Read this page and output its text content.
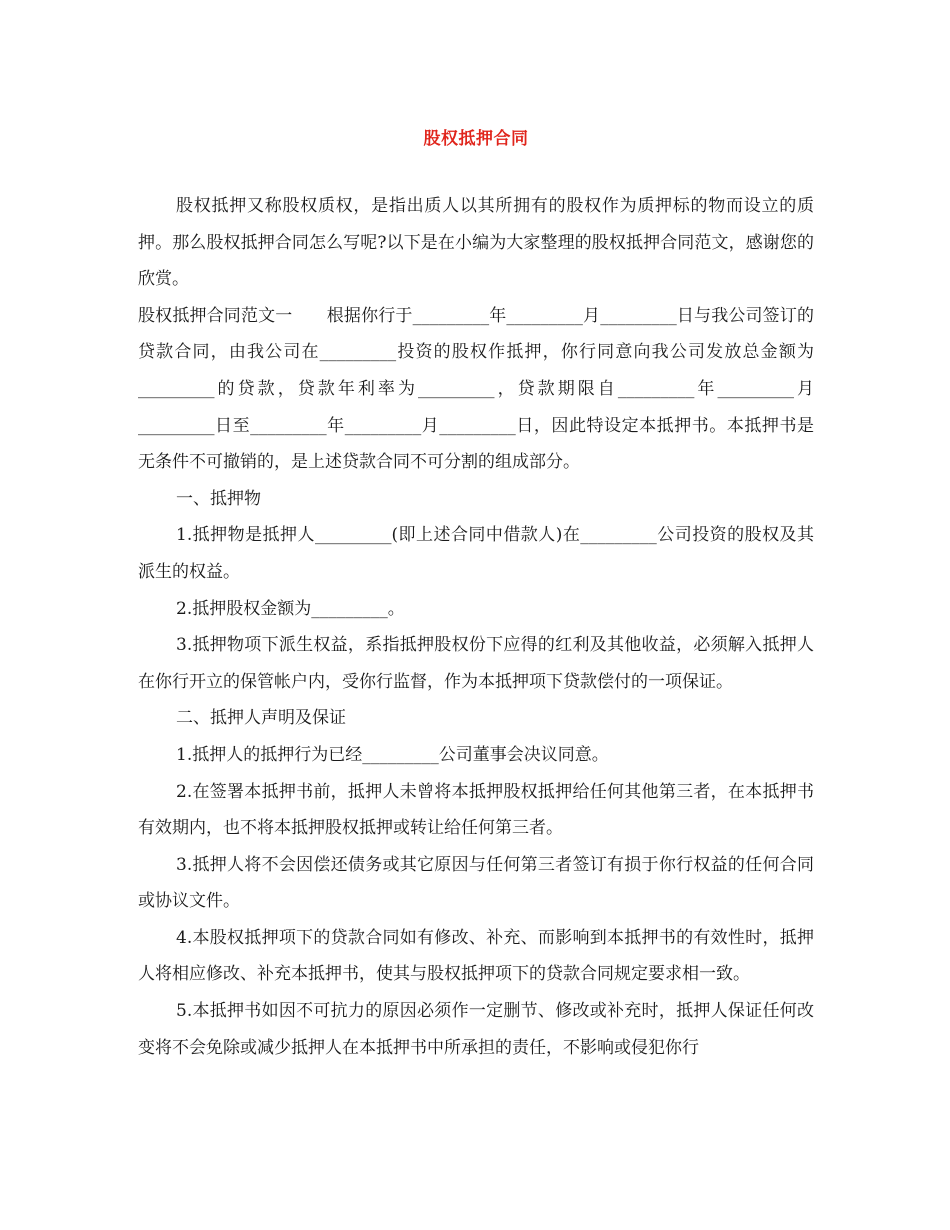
股权抵押合同

股权抵押又称股权质权，是指出质人以其所拥有的股权作为质押标的物而设立的质押。那么股权抵押合同怎么写呢?以下是在小编为大家整理的股权抵押合同范文，感谢您的欣赏。

股权抵押合同范文一　　根据你行于_________年_________月_________日与我公司签订的贷款合同，由我公司在_________投资的股权作抵押，你行同意向我公司发放总金额为_________的贷款，贷款年利率为_________，贷款期限自_________年_________月_________日至_________年_________月_________日，因此特设定本抵押书。本抵押书是无条件不可撤销的，是上述贷款合同不可分割的组成部分。

一、抵押物

1.抵押物是抵押人_________(即上述合同中借款人)在_________公司投资的股权及其派生的权益。

2.抵押股权金额为_________。

3.抵押物项下派生权益，系指抵押股权份下应得的红利及其他收益，必须解入抵押人在你行开立的保管帐户内，受你行监督，作为本抵押项下贷款偿付的一项保证。

二、抵押人声明及保证

1.抵押人的抵押行为已经_________公司董事会决议同意。

2.在签署本抵押书前，抵押人未曾将本抵押股权抵押给任何其他第三者，在本抵押书有效期内，也不将本抵押股权抵押或转让给任何第三者。

3.抵押人将不会因偿还债务或其它原因与任何第三者签订有损于你行权益的任何合同或协议文件。

4.本股权抵押项下的贷款合同如有修改、补充、而影响到本抵押书的有效性时，抵押人将相应修改、补充本抵押书，使其与股权抵押项下的贷款合同规定要求相一致。

5.本抵押书如因不可抗力的原因必须作一定删节、修改或补充时，抵押人保证任何改变将不会免除或减少抵押人在本抵押书中所承担的责任，不影响或侵犯你行
